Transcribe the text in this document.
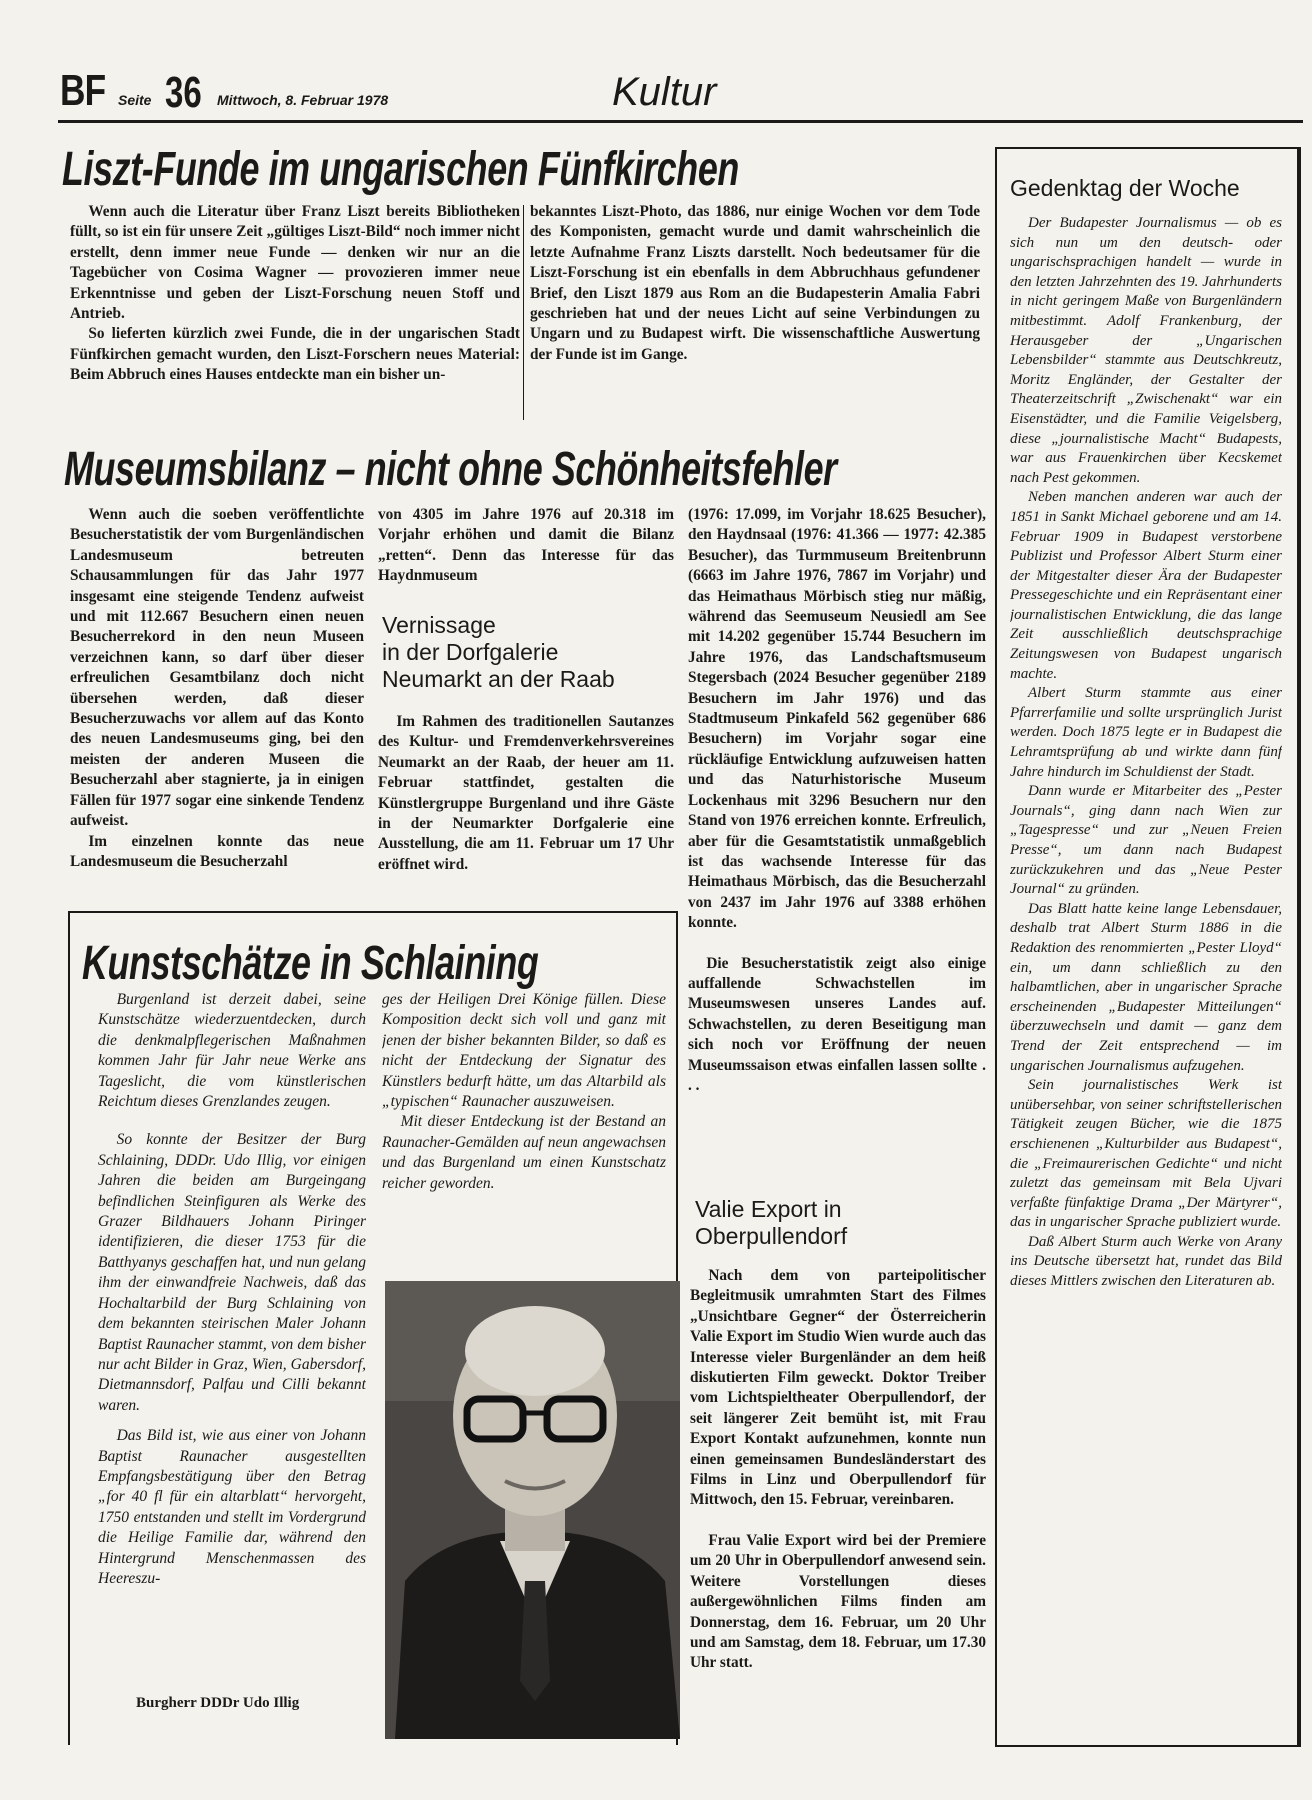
BF Seite 36 Mittwoch, 8. Februar 1978	Kultur
Liszt-Funde im ungarischen Fünfkirchen

Wenn auch die Literatur über Franz Liszt bereits Bibliotheken füllt, so ist ein für unsere Zeit „gültiges Liszt-Bild“ noch immer nicht erstellt, denn immer neue Funde — denken wir nur an die Tagebücher von Cosima Wagner — provozieren immer neue Erkenntnisse und geben der Liszt-Forschung neuen Stoff und Antrieb.

So lieferten kürzlich zwei Funde, die in der ungarischen Stadt Fünfkirchen gemacht wurden, den Liszt-Forschern neues Material: Beim Abbruch eines Hauses entdeckte man ein bisher un-

bekanntes Liszt-Photo, das 1886, nur einige Wochen vor dem Tode des Komponisten, gemacht wurde und damit wahrscheinlich die letzte Aufnahme Franz Liszts darstellt. Noch bedeutsamer für die Liszt-Forschung ist ein ebenfalls in dem Abbruchhaus gefundener Brief, den Liszt 1879 aus Rom an die Budapesterin Amalia Fabri geschrieben hat und der neues Licht auf seine Verbindungen zu Ungarn und zu Budapest wirft. Die wissenschaftliche Auswertung der Funde ist im Gange.

Museumsbilanz – nicht ohne Schönheitsfehler

Wenn auch die soeben veröffentlichte Besucherstatistik der vom Burgenländischen Landesmuseum betreuten Schausammlungen für das Jahr 1977 insgesamt eine steigende Tendenz aufweist und mit 112.667 Besuchern einen neuen Besucherrekord in den neun Museen verzeichnen kann, so darf über dieser erfreulichen Gesamtbilanz doch nicht übersehen werden, daß dieser Besucherzuwachs vor allem auf das Konto des neuen Landesmuseums ging, bei den meisten der anderen Museen die Besucherzahl aber stagnierte, ja in einigen Fällen für 1977 sogar eine sinkende Tendenz aufweist.

Im einzelnen konnte das neue Landesmuseum die Besucherzahl

von 4305 im Jahre 1976 auf 20.318 im Vorjahr erhöhen und damit die Bilanz „retten“. Denn das Interesse für das Haydnmuseum

(1976: 17.099, im Vorjahr 18.625 Besucher), den Haydnsaal (1976: 41.366 — 1977: 42.385 Besucher), das Turmmuseum Breitenbrunn (6663 im Jahre 1976, 7867 im Vorjahr) und das Heimathaus Mörbisch stieg nur mäßig, während das Seemuseum Neusiedl am See mit 14.202 gegenüber 15.744 Besuchern im Jahre 1976, das Landschaftsmuseum Stegersbach (2024 Besucher gegenüber 2189 Besuchern im Jahr 1976) und das Stadtmuseum Pinkafeld 562 gegenüber 686 Besuchern) im Vorjahr sogar eine rückläufige Entwicklung aufzuweisen hatten und das Naturhistorische Museum Lockenhaus mit 3296 Besuchern nur den Stand von 1976 erreichen konnte. Erfreulich, aber für die Gesamtstatistik unmaßgeblich ist das wachsende Interesse für das Heimathaus Mörbisch, das die Besucherzahl von 2437 im Jahr 1976 auf 3388 erhöhen konnte.

Die Besucherstatistik zeigt also einige auffallende Schwachstellen im Museumswesen unseres Landes auf. Schwachstellen, zu deren Beseitigung man sich noch vor Eröffnung der neuen Museumssaison etwas einfallen lassen sollte . . .

Vernissage
in der Dorfgalerie
Neumarkt an der Raab

Im Rahmen des traditionellen Sautanzes des Kultur- und Fremdenverkehrsvereines Neumarkt an der Raab, der heuer am 11. Februar stattfindet, gestalten die Künstlergruppe Burgenland und ihre Gäste in der Neumarkter Dorfgalerie eine Ausstellung, die am 11. Februar um 17 Uhr eröffnet wird.

Kunstschätze in Schlaining

Burgenland ist derzeit dabei, seine Kunstschätze wiederzuentdecken, durch die denkmalpflegerischen Maßnahmen kommen Jahr für Jahr neue Werke ans Tageslicht, die vom künstlerischen Reichtum dieses Grenzlandes zeugen.

So konnte der Besitzer der Burg Schlaining, DDDr. Udo Illig, vor einigen Jahren die beiden am Burgeingang befindlichen Steinfiguren als Werke des Grazer Bildhauers Johann Piringer identifizieren, die dieser 1753 für die Batthyanys geschaffen hat, und nun gelang ihm der einwandfreie Nachweis, daß das Hochaltarbild der Burg Schlaining von dem bekannten steirischen Maler Johann Baptist Raunacher stammt, von dem bisher nur acht Bilder in Graz, Wien, Gabersdorf, Dietmannsdorf, Palfau und Cilli bekannt waren.

Das Bild ist, wie aus einer von Johann Baptist Raunacher ausgestellten Empfangsbestätigung über den Betrag „for 40 fl für ein altarblatt“ hervorgeht, 1750 entstanden und stellt im Vordergrund die Heilige Familie dar, während den Hintergrund Menschenmassen des Heereszu-

Burgherr DDDr Udo Illig

ges der Heiligen Drei Könige füllen. Diese Komposition deckt sich voll und ganz mit jenen der bisher bekannten Bilder, so daß es nicht der Entdeckung der Signatur des Künstlers bedurft hätte, um das Altarbild als „typischen“ Raunacher auszuweisen.

Mit dieser Entdeckung ist der Bestand an Raunacher-Gemälden auf neun angewachsen und das Burgenland um einen Kunstschatz reicher geworden.

Valie Export in
Oberpullendorf

Nach dem von parteipolitischer Begleitmusik umrahmten Start des Filmes „Unsichtbare Gegner“ der Österreicherin Valie Export im Studio Wien wurde auch das Interesse vieler Burgenländer an dem heiß diskutierten Film geweckt. Doktor Treiber vom Lichtspieltheater Oberpullendorf, der seit längerer Zeit bemüht ist, mit Frau Export Kontakt aufzunehmen, konnte nun einen gemeinsamen Bundesländerstart des Films in Linz und Oberpullendorf für Mittwoch, den 15. Februar, vereinbaren.

Frau Valie Export wird bei der Premiere um 20 Uhr in Oberpullendorf anwesend sein. Weitere Vorstellungen dieses außergewöhnlichen Films finden am Donnerstag, dem 16. Februar, um 20 Uhr und am Samstag, dem 18. Februar, um 17.30 Uhr statt.

Gedenktag der Woche

Der Budapester Journalismus — ob es sich nun um den deutsch- oder ungarischsprachigen handelt — wurde in den letzten Jahrzehnten des 19. Jahrhunderts in nicht geringem Maße von Burgenländern mitbestimmt. Adolf Frankenburg, der Herausgeber der „Ungarischen Lebensbilder“ stammte aus Deutschkreutz, Moritz Engländer, der Gestalter der Theaterzeitschrift „Zwischenakt“ war ein Eisenstädter, und die Familie Veigelsberg, diese „journalistische Macht“ Budapests, war aus Frauenkirchen über Kecskemet nach Pest gekommen.

Neben manchen anderen war auch der 1851 in Sankt Michael geborene und am 14. Februar 1909 in Budapest verstorbene Publizist und Professor Albert Sturm einer der Mitgestalter dieser Ära der Budapester Pressegeschichte und ein Repräsentant einer journalistischen Entwicklung, die das lange Zeit ausschließlich deutschsprachige Zeitungswesen von Budapest ungarisch machte.

Albert Sturm stammte aus einer Pfarrerfamilie und sollte ursprünglich Jurist werden. Doch 1875 legte er in Budapest die Lehramtsprüfung ab und wirkte dann fünf Jahre hindurch im Schuldienst der Stadt.

Dann wurde er Mitarbeiter des „Pester Journals“, ging dann nach Wien zur „Tagespresse“ und zur „Neuen Freien Presse“, um dann nach Budapest zurückzukehren und das „Neue Pester Journal“ zu gründen.

Das Blatt hatte keine lange Lebensdauer, deshalb trat Albert Sturm 1886 in die Redaktion des renommierten „Pester Lloyd“ ein, um dann schließlich zu den halbamtlichen, aber in ungarischer Sprache erscheinenden „Budapester Mitteilungen“ überzuwechseln und damit — ganz dem Trend der Zeit entsprechend — im ungarischen Journalismus aufzugehen.

Sein journalistisches Werk ist unübersehbar, von seiner schriftstellerischen Tätigkeit zeugen Bücher, wie die 1875 erschienenen „Kulturbilder aus Budapest“, die „Freimaurerischen Gedichte“ und nicht zuletzt das gemeinsam mit Bela Ujvari verfaßte fünfaktige Drama „Der Märtyrer“, das in ungarischer Sprache publiziert wurde.

Daß Albert Sturm auch Werke von Arany ins Deutsche übersetzt hat, rundet das Bild dieses Mittlers zwischen den Literaturen ab.
